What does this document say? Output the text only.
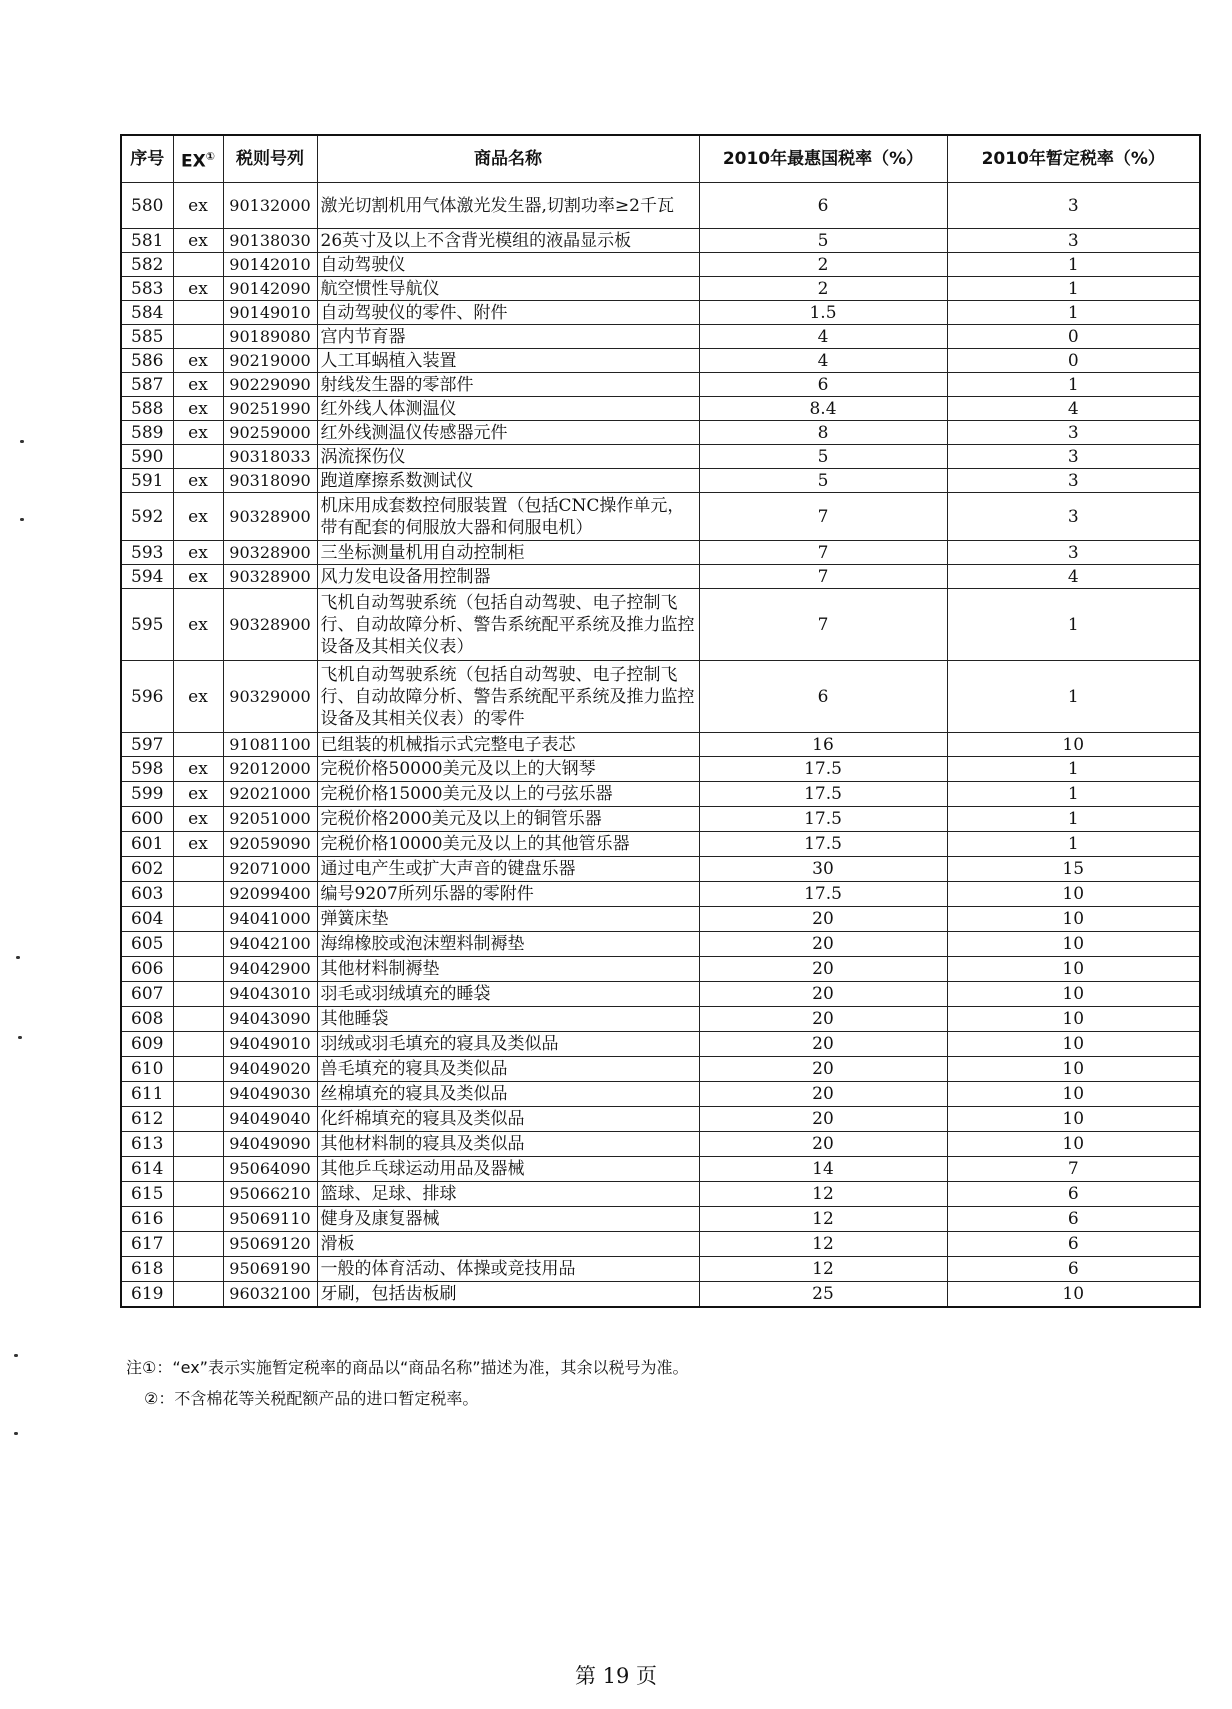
序号	EX①	税则号列	商品名称	2010年最惠国税率（%）	2010年暂定税率（%）
580	ex	90132000	激光切割机用气体激光发生器,切割功率≥2千瓦	6	3
581	ex	90138030	26英寸及以上不含背光模组的液晶显示板	5	3
582		90142010	自动驾驶仪	2	1
583	ex	90142090	航空惯性导航仪	2	1
584		90149010	自动驾驶仪的零件、附件	1.5	1
585		90189080	宫内节育器	4	0
586	ex	90219000	人工耳蜗植入装置	4	0
587	ex	90229090	射线发生器的零部件	6	1
588	ex	90251990	红外线人体测温仪	8.4	4
589	ex	90259000	红外线测温仪传感器元件	8	3
590		90318033	涡流探伤仪	5	3
591	ex	90318090	跑道摩擦系数测试仪	5	3
592	ex	90328900	机床用成套数控伺服装置（包括CNC操作单元，带有配套的伺服放大器和伺服电机）	7	3
593	ex	90328900	三坐标测量机用自动控制柜	7	3
594	ex	90328900	风力发电设备用控制器	7	4
595	ex	90328900	飞机自动驾驶系统（包括自动驾驶、电子控制飞行、自动故障分析、警告系统配平系统及推力监控设备及其相关仪表）	7	1
596	ex	90329000	飞机自动驾驶系统（包括自动驾驶、电子控制飞行、自动故障分析、警告系统配平系统及推力监控设备及其相关仪表）的零件	6	1
597		91081100	已组装的机械指示式完整电子表芯	16	10
598	ex	92012000	完税价格50000美元及以上的大钢琴	17.5	1
599	ex	92021000	完税价格15000美元及以上的弓弦乐器	17.5	1
600	ex	92051000	完税价格2000美元及以上的铜管乐器	17.5	1
601	ex	92059090	完税价格10000美元及以上的其他管乐器	17.5	1
602		92071000	通过电产生或扩大声音的键盘乐器	30	15
603		92099400	编号9207所列乐器的零附件	17.5	10
604		94041000	弹簧床垫	20	10
605		94042100	海绵橡胶或泡沫塑料制褥垫	20	10
606		94042900	其他材料制褥垫	20	10
607		94043010	羽毛或羽绒填充的睡袋	20	10
608		94043090	其他睡袋	20	10
609		94049010	羽绒或羽毛填充的寝具及类似品	20	10
610		94049020	兽毛填充的寝具及类似品	20	10
611		94049030	丝棉填充的寝具及类似品	20	10
612		94049040	化纤棉填充的寝具及类似品	20	10
613		94049090	其他材料制的寝具及类似品	20	10
614		95064090	其他乒乓球运动用品及器械	14	7
615		95066210	篮球、足球、排球	12	6
616		95069110	健身及康复器械	12	6
617		95069120	滑板	12	6
618		95069190	一般的体育活动、体操或竞技用品	12	6
619		96032100	牙刷，包括齿板刷	25	10
注①：“ex”表示实施暂定税率的商品以“商品名称”描述为准，其余以税号为准。
②：不含棉花等关税配额产品的进口暂定税率。
第 19 页
